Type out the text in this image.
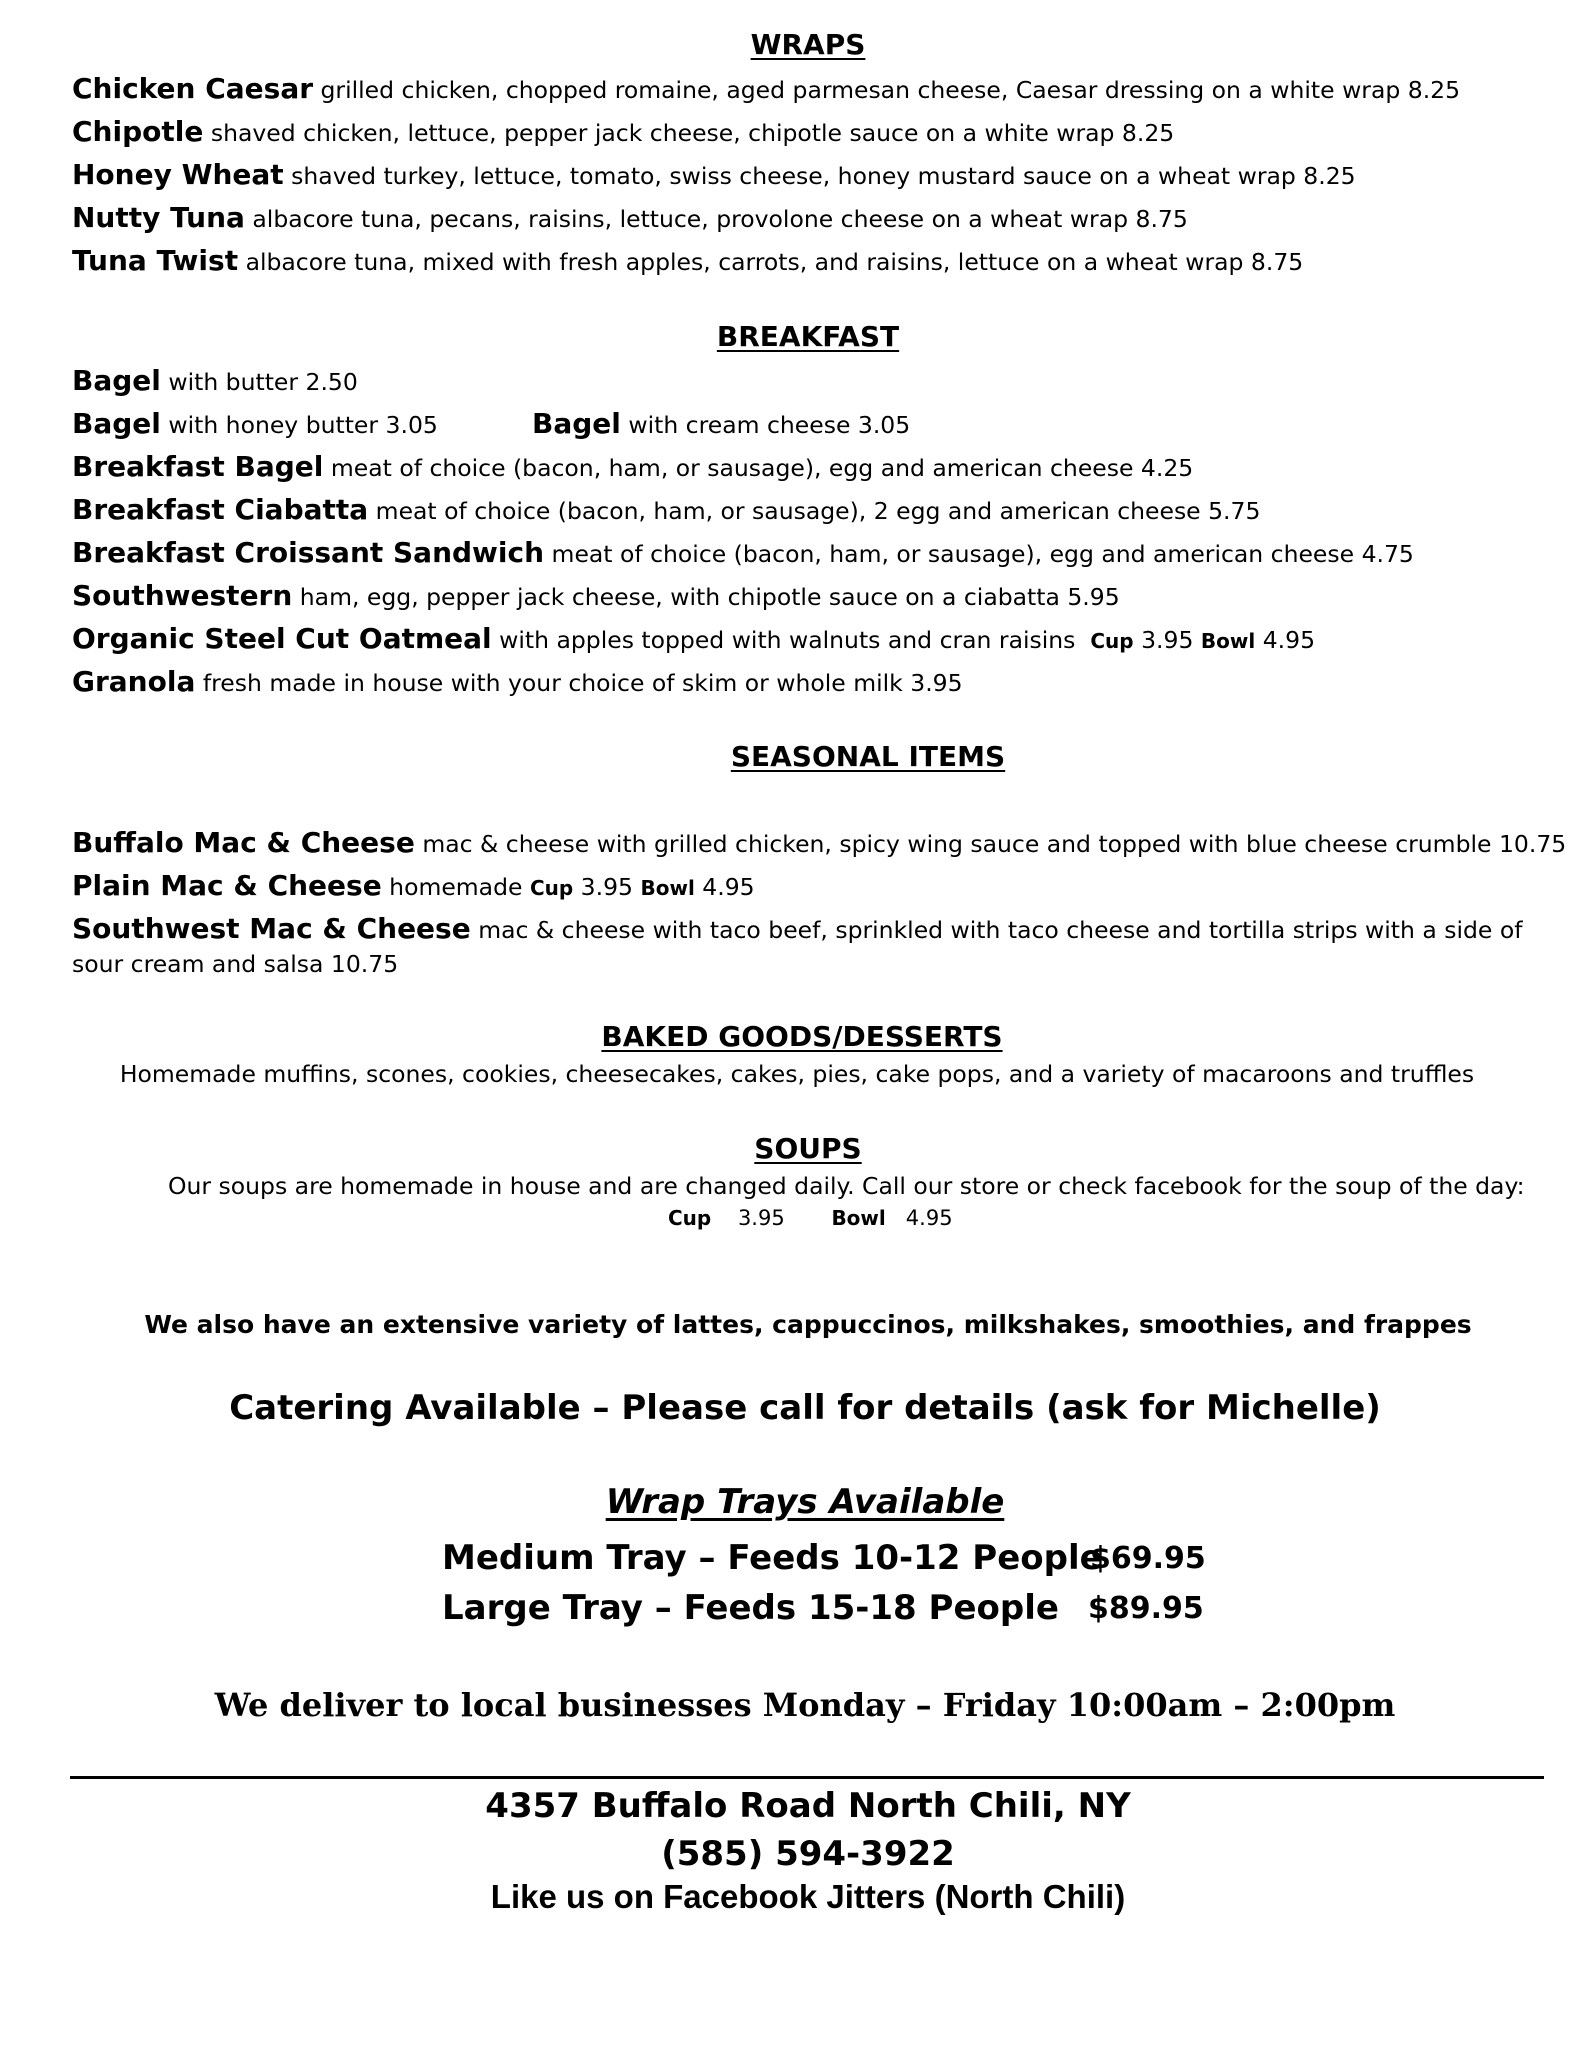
WRAPS
Chicken Caesar grilled chicken, chopped romaine, aged parmesan cheese, Caesar dressing on a white wrap 8.25
Chipotle shaved chicken, lettuce, pepper jack cheese, chipotle sauce on a white wrap 8.25
Honey Wheat shaved turkey, lettuce, tomato, swiss cheese, honey mustard sauce on a wheat wrap 8.25
Nutty Tuna albacore tuna, pecans, raisins, lettuce, provolone cheese on a wheat wrap 8.75
Tuna Twist albacore tuna, mixed with fresh apples, carrots, and raisins, lettuce on a wheat wrap 8.75
BREAKFAST
Bagel with butter 2.50
Bagel with honey butter 3.05	Bagel with cream cheese 3.05
Breakfast Bagel meat of choice (bacon, ham, or sausage), egg and american cheese 4.25
Breakfast Ciabatta meat of choice (bacon, ham, or sausage), 2 egg and american cheese 5.75
Breakfast Croissant Sandwich meat of choice (bacon, ham, or sausage), egg and american cheese 4.75
Southwestern ham, egg, pepper jack cheese, with chipotle sauce on a ciabatta 5.95
Organic Steel Cut Oatmeal with apples topped with walnuts and cran raisins Cup 3.95 Bowl 4.95
Granola fresh made in house with your choice of skim or whole milk 3.95
SEASONAL ITEMS
Buffalo Mac & Cheese mac & cheese with grilled chicken, spicy wing sauce and topped with blue cheese crumble 10.75
Plain Mac & Cheese homemade Cup 3.95 Bowl 4.95
Southwest Mac & Cheese mac & cheese with taco beef, sprinkled with taco cheese and tortilla strips with a side of
sour cream and salsa 10.75
BAKED GOODS/DESSERTS
Homemade muffins, scones, cookies, cheesecakes, cakes, pies, cake pops, and a variety of macaroons and truffles
SOUPS
Our soups are homemade in house and are changed daily. Call our store or check facebook for the soup of the day:
Cup 3.95 Bowl 4.95
We also have an extensive variety of lattes, cappuccinos, milkshakes, smoothies, and frappes
Catering Available – Please call for details (ask for Michelle)
Wrap Trays Available
Medium Tray – Feeds 10-12 People
$69.95
Large Tray – Feeds 15-18 People $89.95
We deliver to local businesses Monday – Friday 10:00am – 2:00pm
4357 Buffalo Road North Chili, NY
(585) 594-3922
Like us on Facebook Jitters (North Chili)
